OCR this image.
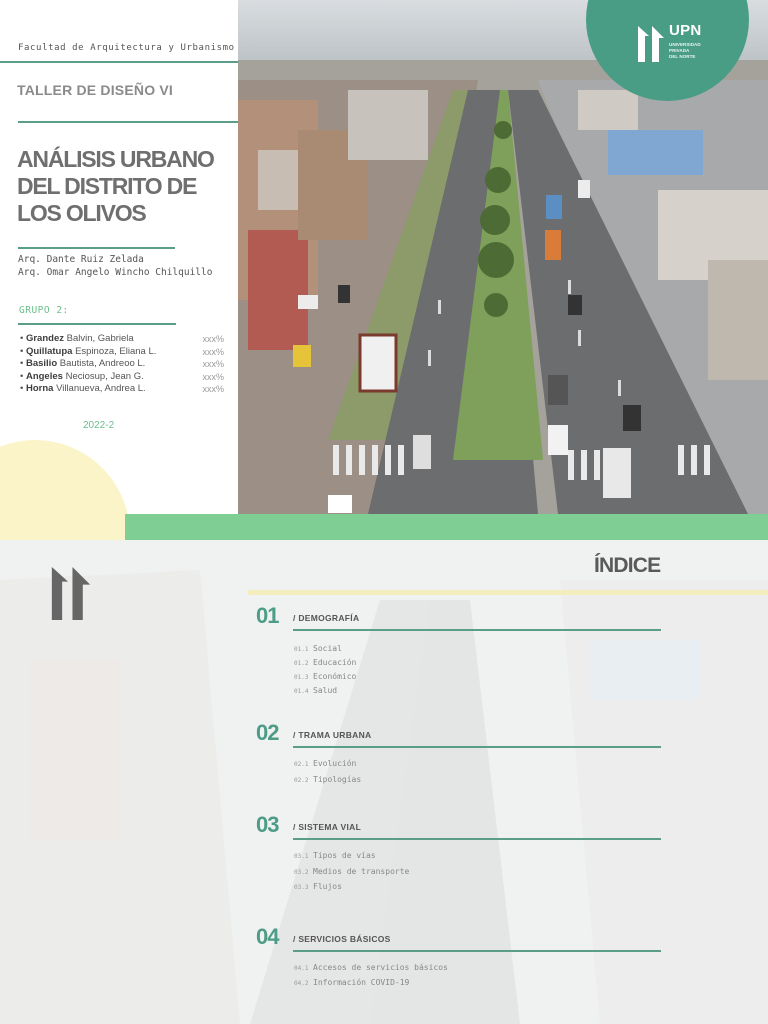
Facultad de Arquitectura y Urbanismo
TALLER DE DISEÑO VI
ANÁLISIS URBANO
DEL DISTRITO DE
LOS OLIVOS
Arq. Dante Ruiz Zelada
Arq. Omar Angelo Wincho Chilquillo
GRUPO 2:
• Grandez Balvin, Gabriela	xxx%
• Quillatupa Espinoza, Eliana L.	xxx%
• Basilio Bautista, Andreoo L.	xxx%
• Angeles Neciosup, Jean G.	xxx%
• Horna Villanueva, Andrea L.	xxx%
2022-2
UPN
UNIVERSIDAD
PRIVADA
DEL NORTE
ÍNDICE
01 / DEMOGRAFÍA
01.1 Social
01.2 Educación
01.3 Económico
01.4 Salud
02 / TRAMA URBANA
02.1 Evolución
02.2 Tipologías
03 / SISTEMA VIAL
03.1 Tipos de vías
03.2 Medios de transporte
03.3 Flujos
04 / SERVICIOS BÁSICOS
04.1 Accesos de servicios básicos
04.2 Información COVID-19
